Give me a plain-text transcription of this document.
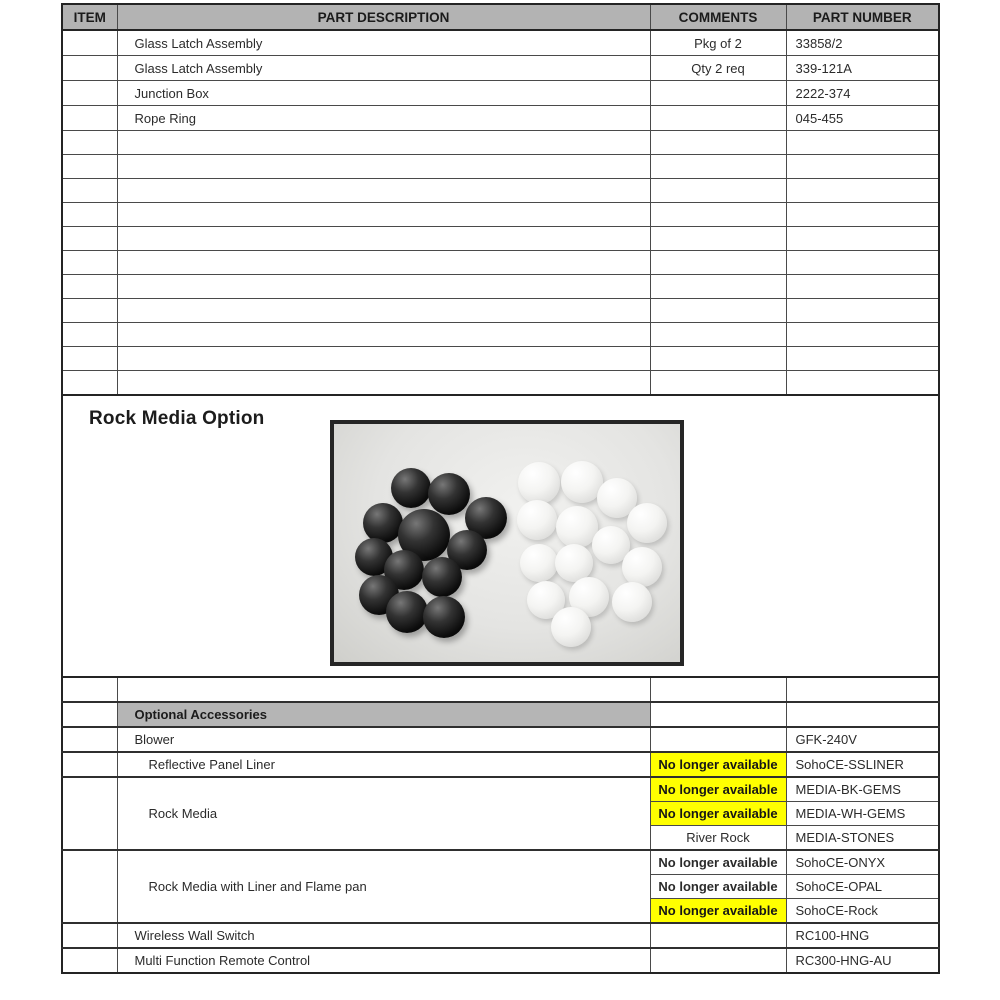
ITEM	PART DESCRIPTION	COMMENTS	PART NUMBER
	Glass Latch Assembly	Pkg of 2	33858/2
	Glass Latch Assembly	Qty 2 req	339-121A
	Junction Box		2222-374
	Rope Ring		045-455

Rock Media Option			

	Optional Accessories		
	Blower		GFK-240V
	Reflective Panel Liner	No longer available	SohoCE-SSLINER
	Rock Media	No longer available	MEDIA-BK-GEMS
		No longer available	MEDIA-WH-GEMS
		River Rock	MEDIA-STONES
	Rock Media with Liner and Flame pan	No longer available	SohoCE-ONYX
		No longer available	SohoCE-OPAL
		No longer available	SohoCE-Rock
	Wireless Wall Switch		RC100-HNG
	Multi Function Remote Control		RC300-HNG-AU
